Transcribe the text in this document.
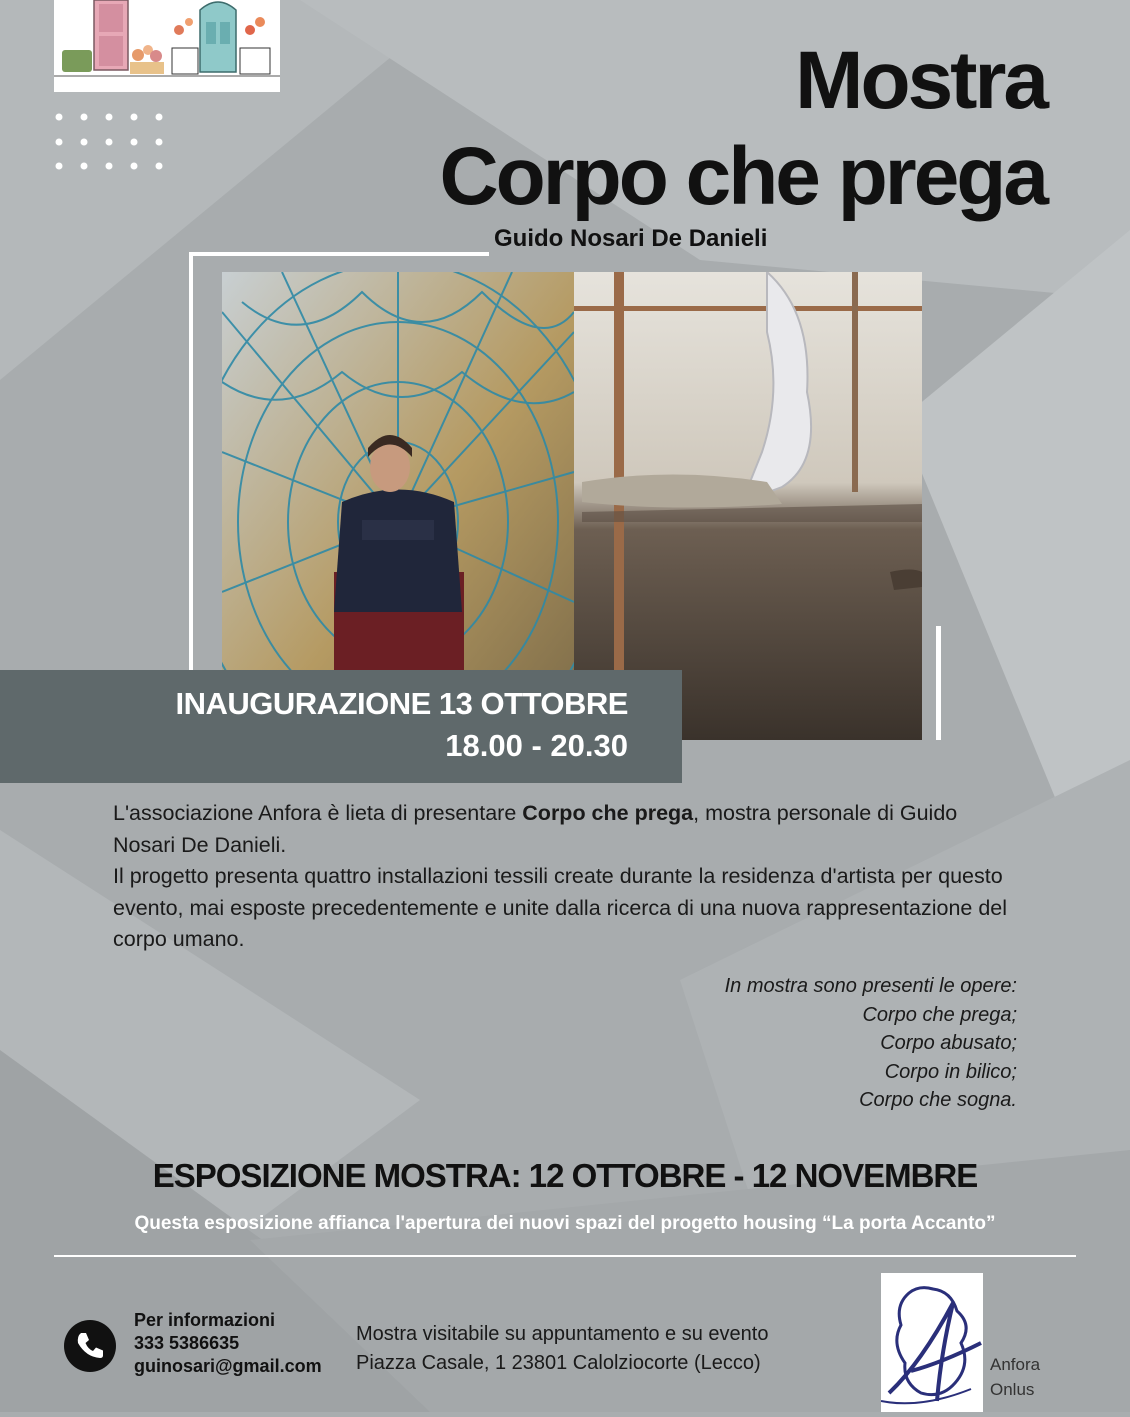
Mostra
Corpo che prega
Guido Nosari De Danieli
INAUGURAZIONE 13 OTTOBRE
18.00 - 20.30

L'associazione Anfora è lieta di presentare Corpo che prega, mostra personale di Guido Nosari De Danieli.

Il progetto presenta quattro installazioni tessili create durante la residenza d'artista per questo evento, mai esposte precedentemente e unite dalla ricerca di una nuova rappresentazione del corpo umano.

In mostra sono presenti le opere:

Corpo che prega;

Corpo abusato;

Corpo in bilico;

Corpo che sogna.

ESPOSIZIONE MOSTRA: 12 OTTOBRE - 12 NOVEMBRE
Questa esposizione affianca l'apertura dei nuovi spazi del progetto housing “La porta Accanto”
Per informazioni
333 5386635
guinosari@gmail.com
Mostra visitabile su appuntamento e su evento
Piazza Casale, 1 23801 Calolziocorte (Lecco)	Anfora
Onlus
